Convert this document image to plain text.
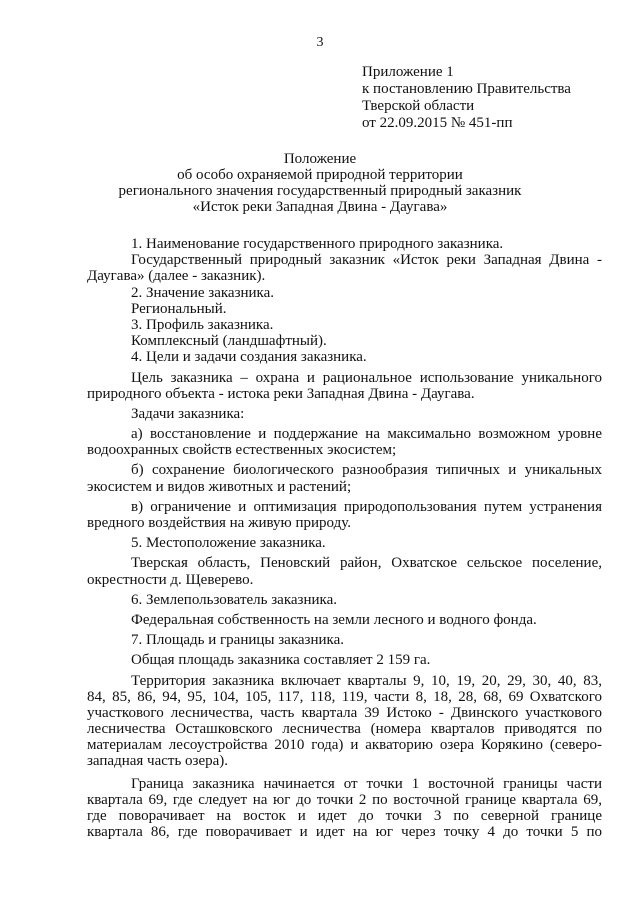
3
Приложение 1
к постановлению Правительства
Тверской области
от 22.09.2015 № 451-пп
Положение
об особо охраняемой природной территории
регионального значения государственный природный заказник
«Исток реки Западная Двина - Даугава»
1. Наименование государственного природного заказника.
Государственный природный заказник «Исток реки Западная Двина -
Даугава» (далее - заказник).
2. Значение заказника.
Региональный.
3. Профиль заказника.
Комплексный (ландшафтный).
4. Цели и задачи создания заказника.
Цель заказника – охрана и рациональное использование уникального
природного объекта - истока реки Западная Двина - Даугава.
Задачи заказника:
а) восстановление и поддержание на максимально возможном уровне
водоохранных свойств естественных экосистем;
б) сохранение биологического разнообразия типичных и уникальных
экосистем и видов животных и растений;
в) ограничение и оптимизация природопользования путем устранения
вредного воздействия на живую природу.
5. Местоположение заказника.
Тверская область, Пеновский район, Охватское сельское поселение,
окрестности д. Щеверево.
6. Землепользователь заказника.
Федеральная собственность на земли лесного и водного фонда.
7. Площадь и границы заказника.
Общая площадь заказника составляет 2 159 га.
Территория заказника включает кварталы 9, 10, 19, 20, 29, 30, 40, 83,
84, 85, 86, 94, 95, 104, 105, 117, 118, 119, части 8, 18, 28, 68, 69 Охватского
участкового лесничества, часть квартала 39 Истоко - Двинского участкового
лесничества Осташковского лесничества (номера кварталов приводятся по
материалам лесоустройства 2010 года) и акваторию озера Корякино (северо-
западная часть озера).
Граница заказника начинается от точки 1 восточной границы части
квартала 69, где следует на юг до точки 2 по восточной границе квартала 69,
где поворачивает на восток и идет до точки 3 по северной границе
квартала 86, где поворачивает и идет на юг через точку 4 до точки 5 по
